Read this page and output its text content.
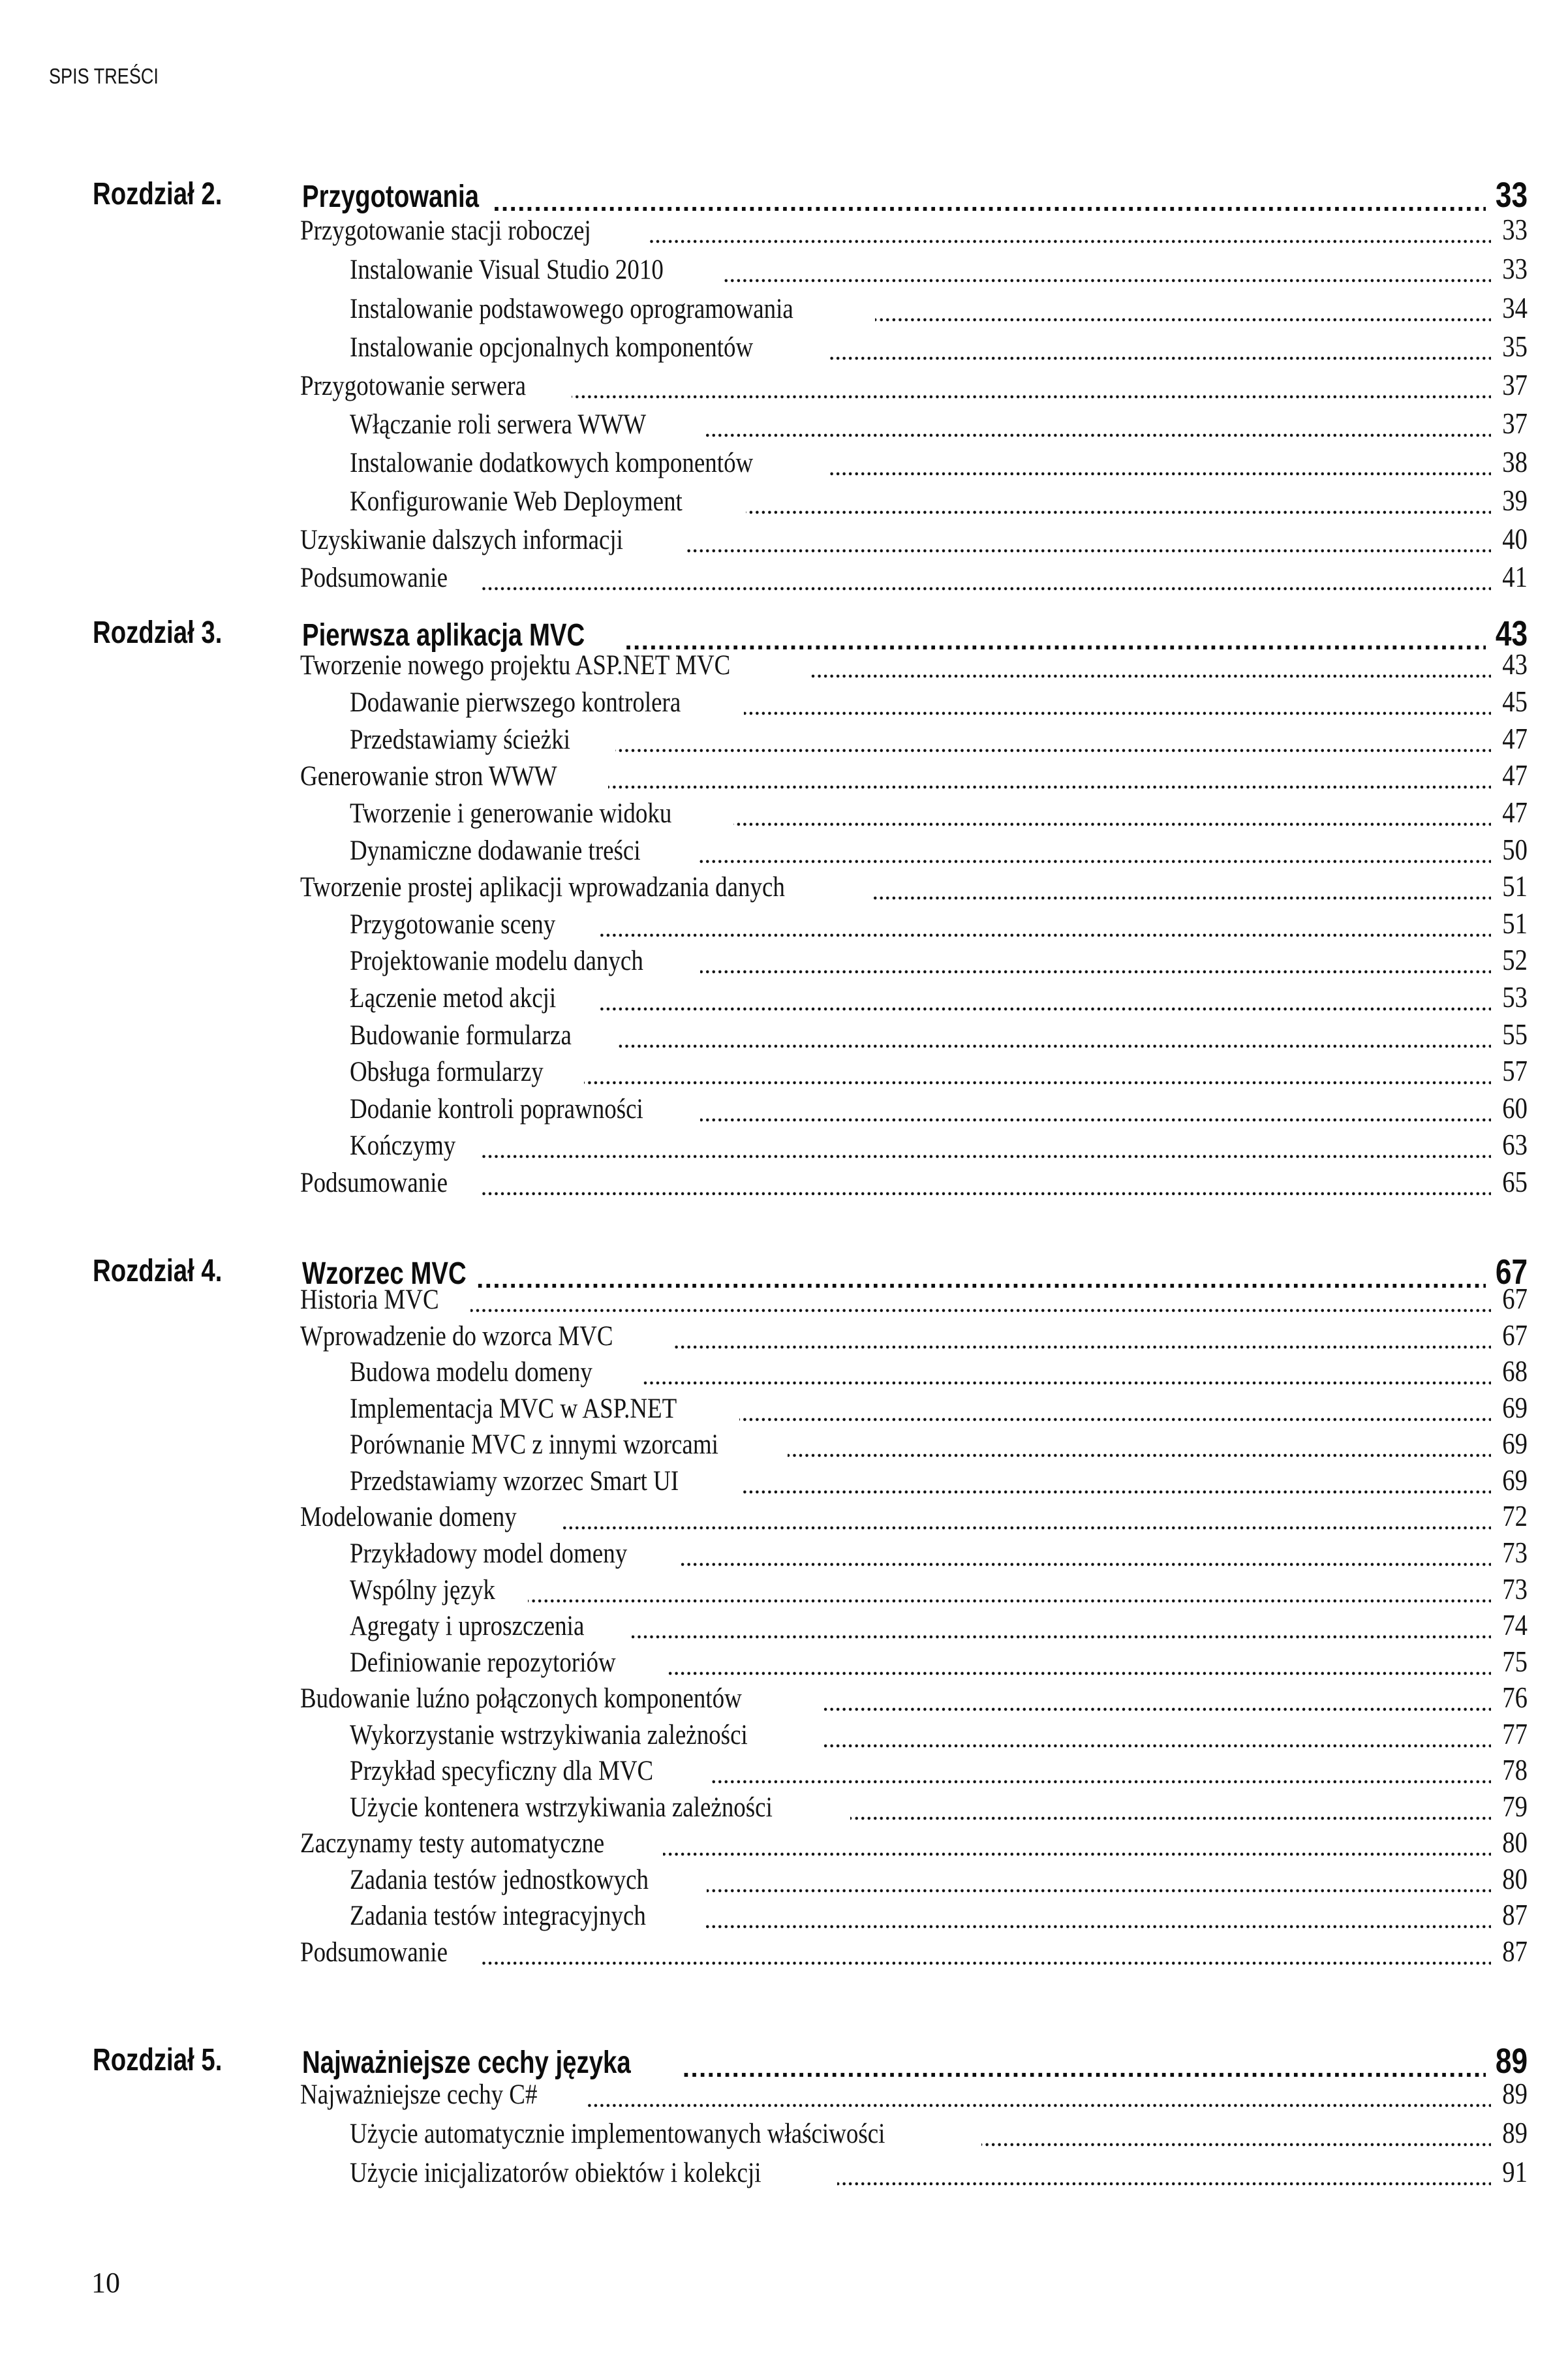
SPIS TREŚCI
Rozdział 2.	Przygotowania . . .	33
Przygotowanie stacji roboczej . . .	33
Instalowanie Visual Studio 2010 . . .	33
Instalowanie podstawowego oprogramowania . . .	34
Instalowanie opcjonalnych komponentów . . .	35
Przygotowanie serwera . . .	37
Włączanie roli serwera WWW . . .	37
Instalowanie dodatkowych komponentów . . .	38
Konfigurowanie Web Deployment . . .	39
Uzyskiwanie dalszych informacji . . .	40
Podsumowanie . . .	41
Rozdział 3.	Pierwsza aplikacja MVC . . .	43
Tworzenie nowego projektu ASP.NET MVC . . .	43
Dodawanie pierwszego kontrolera . . .	45
Przedstawiamy ścieżki . . .	47
Generowanie stron WWW . . .	47
Tworzenie i generowanie widoku . . .	47
Dynamiczne dodawanie treści . . .	50
Tworzenie prostej aplikacji wprowadzania danych . . .	51
Przygotowanie sceny . . .	51
Projektowanie modelu danych . . .	52
Łączenie metod akcji . . .	53
Budowanie formularza . . .	55
Obsługa formularzy . . .	57
Dodanie kontroli poprawności . . .	60
Kończymy . . .	63
Podsumowanie . . .	65
Rozdział 4.	Wzorzec MVC . . .	67
Historia MVC . . .	67
Wprowadzenie do wzorca MVC . . .	67
Budowa modelu domeny . . .	68
Implementacja MVC w ASP.NET . . .	69
Porównanie MVC z innymi wzorcami . . .	69
Przedstawiamy wzorzec Smart UI . . .	69
Modelowanie domeny . . .	72
Przykładowy model domeny . . .	73
Wspólny język . . .	73
Agregaty i uproszczenia . . .	74
Definiowanie repozytoriów . . .	75
Budowanie luźno połączonych komponentów . . .	76
Wykorzystanie wstrzykiwania zależności . . .	77
Przykład specyficzny dla MVC . . .	78
Użycie kontenera wstrzykiwania zależności . . .	79
Zaczynamy testy automatyczne . . .	80
Zadania testów jednostkowych . . .	80
Zadania testów integracyjnych . . .	87
Podsumowanie . . .	87
Rozdział 5.	Najważniejsze cechy języka . . .	89
Najważniejsze cechy C# . . .	89
Użycie automatycznie implementowanych właściwości . . .	89
Użycie inicjalizatorów obiektów i kolekcji . . .	91
10
